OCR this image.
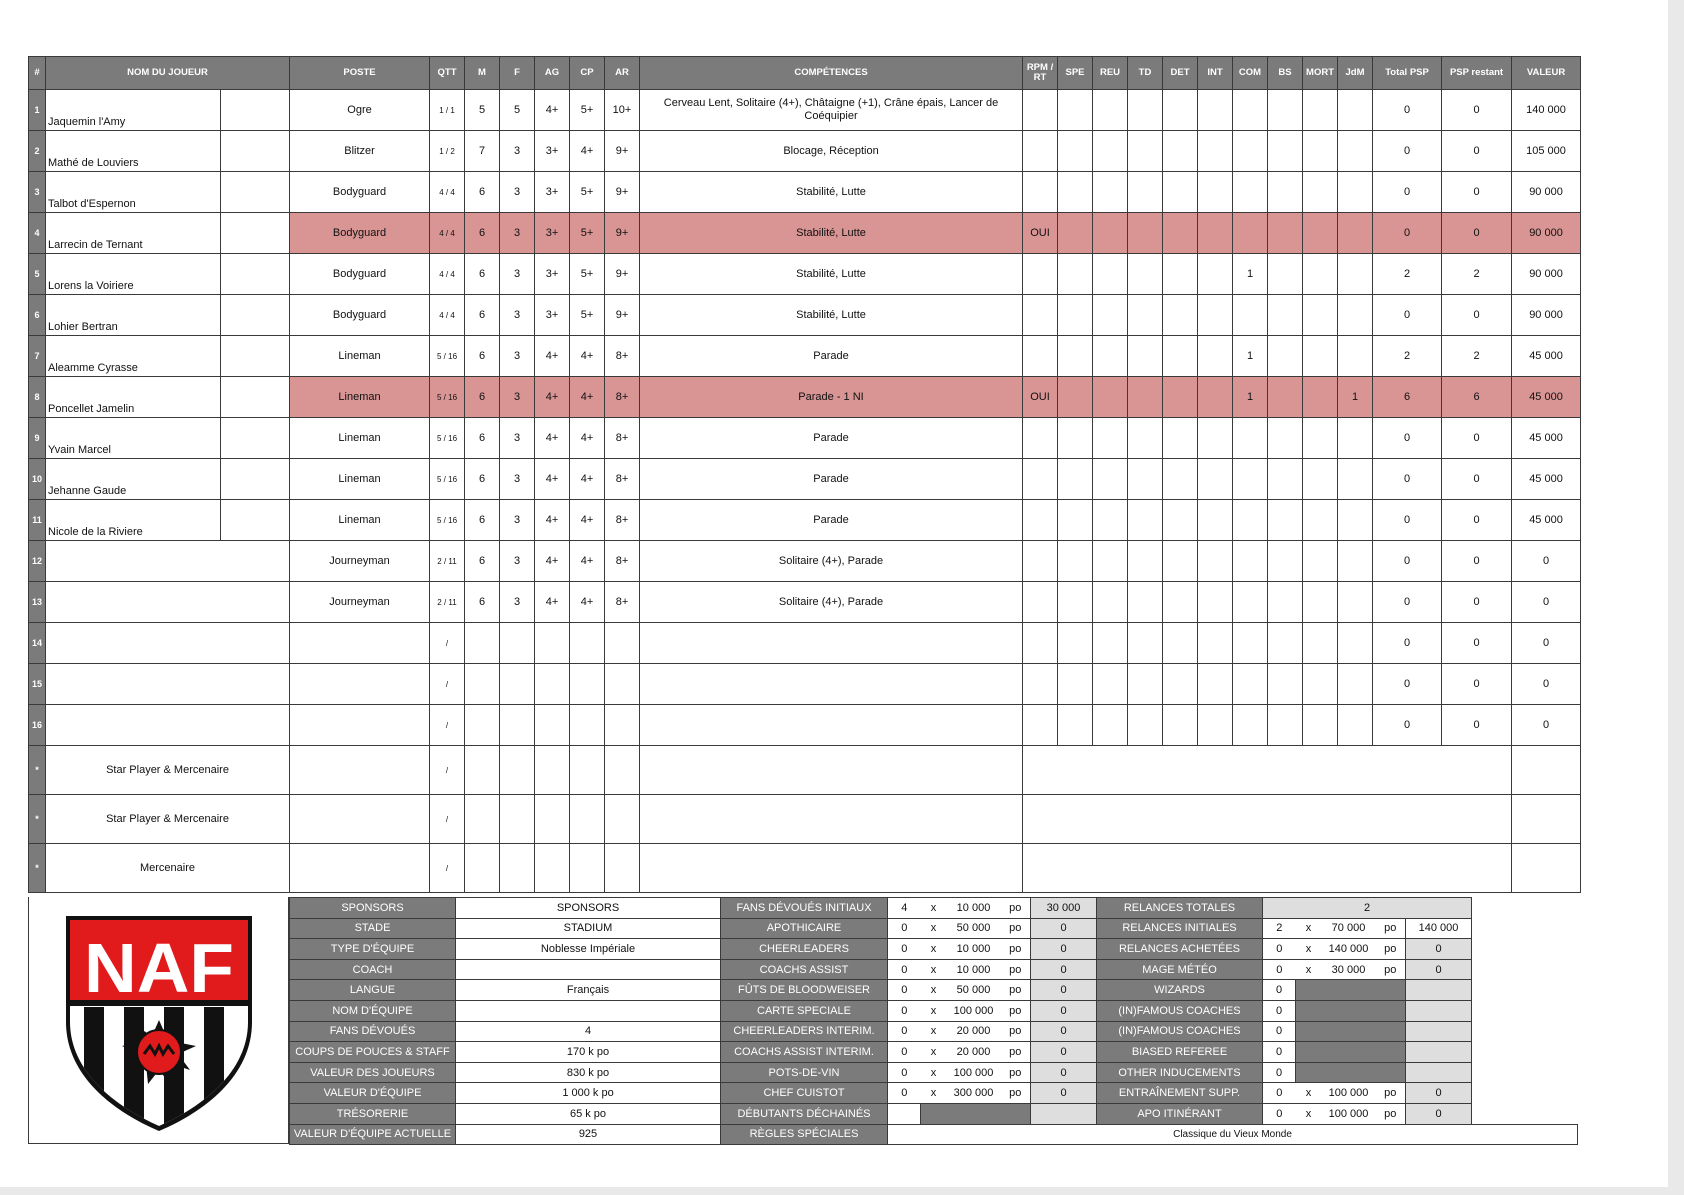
#	NOM DU JOUEUR		POSTE	QTT	M	F	AG	CP	AR	COMPÉTENCES	RPM / RT	SPE	REU	TD	DET	INT	COM	BS	MORT	JdM	Total PSP	PSP restant	VALEUR
1	Jaquemin l'Amy		Ogre	1 / 1	5	5	4+	5+	10+	Cerveau Lent, Solitaire (4+), Châtaigne (+1), Crâne épais, Lancer de Coéquipier											0	0	140 000
2	Mathé de Louviers		Blitzer	1 / 2	7	3	3+	4+	9+	Blocage, Réception											0	0	105 000
3	Talbot d'Espernon		Bodyguard	4 / 4	6	3	3+	5+	9+	Stabilité, Lutte											0	0	90 000
4	Larrecin de Ternant		Bodyguard	4 / 4	6	3	3+	5+	9+	Stabilité, Lutte	OUI										0	0	90 000
5	Lorens la Voiriere		Bodyguard	4 / 4	6	3	3+	5+	9+	Stabilité, Lutte							1				2	2	90 000
6	Lohier Bertran		Bodyguard	4 / 4	6	3	3+	5+	9+	Stabilité, Lutte											0	0	90 000
7	Aleamme Cyrasse		Lineman	5 / 16	6	3	4+	4+	8+	Parade							1				2	2	45 000
8	Poncellet Jamelin		Lineman	5 / 16	6	3	4+	4+	8+	Parade - 1 NI	OUI						1			1	6	6	45 000
9	Yvain Marcel		Lineman	5 / 16	6	3	4+	4+	8+	Parade											0	0	45 000
10	Jehanne Gaude		Lineman	5 / 16	6	3	4+	4+	8+	Parade											0	0	45 000
11	Nicole de la Riviere		Lineman	5 / 16	6	3	4+	4+	8+	Parade											0	0	45 000
12			Journeyman	2 / 11	6	3	4+	4+	8+	Solitaire (4+), Parade											0	0	0
13			Journeyman	2 / 11	6	3	4+	4+	8+	Solitaire (4+), Parade											0	0	0
14				/																	0	0	0
15				/																	0	0	0
16				/																	0	0	0
*	Star Player & Mercenaire			/																			
*	Star Player & Mercenaire			/																			
*	Mercenaire			/																			
NAF
SPONSORS	SPONSORS	FANS DÉVOUÉS INITIAUX	4	x	10 000	po	30 000	RELANCES TOTALES	2				
STADE	STADIUM	APOTHICAIRE	0	x	50 000	po	0	RELANCES INITIALES	2	x	70 000	po	140 000
TYPE D'ÉQUIPE	Noblesse Impériale	CHEERLEADERS	0	x	10 000	po	0	RELANCES ACHETÉES	0	x	140 000	po	0
COACH		COACHS ASSIST	0	x	10 000	po	0	MAGE MÉTÉO	0	x	30 000	po	0
LANGUE	Français	FÛTS DE BLOODWEISER	0	x	50 000	po	0	WIZARDS	0				
NOM D'ÉQUIPE		CARTE SPECIALE	0	x	100 000	po	0	(IN)FAMOUS COACHES	0				
FANS DÉVOUÉS	4	CHEERLEADERS INTERIM.	0	x	20 000	po	0	(IN)FAMOUS COACHES	0				
COUPS DE POUCES & STAFF	170 k po	COACHS ASSIST INTERIM.	0	x	20 000	po	0	BIASED REFEREE	0				
VALEUR DES JOUEURS	830 k po	POTS-DE-VIN	0	x	100 000	po	0	OTHER INDUCEMENTS	0				
VALEUR D'ÉQUIPE	1 000 k po	CHEF CUISTOT	0	x	300 000	po	0	ENTRAÎNEMENT SUPP.	0	x	100 000	po	0
TRÉSORERIE	65 k po	DÉBUTANTS DÉCHAINÉS						APO ITINÉRANT	0	x	100 000	po	0
VALEUR D'ÉQUIPE ACTUELLE	925	RÈGLES SPÉCIALES	Classique du Vieux Monde										
